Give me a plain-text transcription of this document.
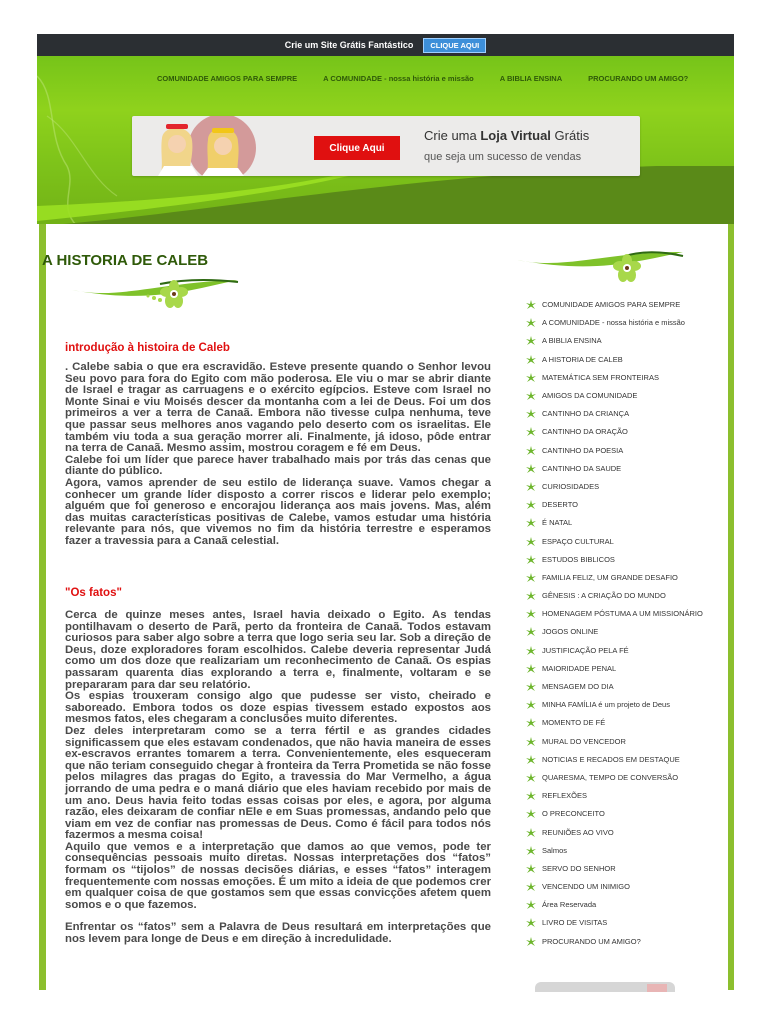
Crie um Site Grátis Fantástico	CLIQUE AQUI
COMUNIDADE AMIGOS PARA SEMPRE	A COMUNIDADE - nossa história e missão	A BIBLIA ENSINA	PROCURANDO UM AMIGO?
Clique Aqui
Crie uma Loja Virtual Grátis
que seja um sucesso de vendas
A HISTORIA DE CALEB
introdução à histoira de Caleb
. Calebe sabia o que era escravidão. Esteve presente quando o Senhor levou Seu povo para fora do Egito com mão poderosa. Ele viu o mar se abrir diante de Israel e tragar as carruagens e o exército egípcios. Esteve com Israel no Monte Sinai e viu Moisés descer da montanha com a lei de Deus. Foi um dos primeiros a ver a terra de Canaã. Embora não tivesse culpa nenhuma, teve que passar seus melhores anos vagando pelo deserto com os israelitas. Ele também viu toda a sua geração morrer ali. Finalmente, já idoso, pôde entrar na terra de Canaã. Mesmo assim, mostrou coragem e fé em Deus.
Calebe foi um líder que parece haver trabalhado mais por trás das cenas que diante do público.
Agora, vamos aprender de seu estilo de liderança suave. Vamos chegar a conhecer um grande líder disposto a correr riscos e liderar pelo exemplo; alguém que foi generoso e encorajou liderança aos mais jovens. Mas, além das muitas características positivas de Calebe, vamos estudar uma história relevante para nós, que vivemos no fim da história terrestre e esperamos fazer a travessia para a Canaã celestial.
"Os fatos"
Cerca de quinze meses antes, Israel havia deixado o Egito. As tendas pontilhavam o deserto de Parã, perto da fronteira de Canaã. Todos estavam curiosos para saber algo sobre a terra que logo seria seu lar. Sob a direção de Deus, doze exploradores foram escolhidos. Calebe deveria representar Judá como um dos doze que realizariam um reconhecimento de Canaã. Os espias passaram quarenta dias explorando a terra e, finalmente, voltaram e se prepararam para dar seu relatório.
Os espias trouxeram consigo algo que pudesse ser visto, cheirado e saboreado. Embora todos os doze espias tivessem estado expostos aos mesmos fatos, eles chegaram a conclusões muito diferentes.
Dez deles interpretaram como se a terra fértil e as grandes cidades significassem que eles estavam condenados, que não havia maneira de esses ex-escravos errantes tomarem a terra. Convenientemente, eles esqueceram que não teriam conseguido chegar à fronteira da Terra Prometida se não fosse pelos milagres das pragas do Egito, a travessia do Mar Vermelho, a água jorrando de uma pedra e o maná diário que eles haviam recebido por mais de um ano. Deus havia feito todas essas coisas por eles, e agora, por alguma razão, eles deixaram de confiar nEle e em Suas promessas, andando pelo que viam em vez de confiar nas promessas de Deus. Como é fácil para todos nós fazermos a mesma coisa!
Aquilo que vemos e a interpretação que damos ao que vemos, pode ter consequências pessoais muito diretas. Nossas interpretações dos “fatos” formam os “tijolos” de nossas decisões diárias, e esses “fatos” interagem frequentemente com nossas emoções. É um mito a ideia de que podemos crer em qualquer coisa de que gostamos sem que essas convicções afetem quem somos e o que fazemos.
Enfrentar os “fatos” sem a Palavra de Deus resultará em interpretações que nos levem para longe de Deus e em direção à incredulidade.
COMUNIDADE AMIGOS PARA SEMPRE
A COMUNIDADE - nossa história e missão
A BIBLIA ENSINA
A HISTORIA DE CALEB
MATEMÁTICA SEM FRONTEIRAS
AMIGOS DA COMUNIDADE
CANTINHO DA CRIANÇA
CANTINHO DA ORAÇÃO
CANTINHO DA POESIA
CANTINHO DA SAUDE
CURIOSIDADES
DESERTO
É NATAL
ESPAÇO CULTURAL
ESTUDOS BIBLICOS
FAMILIA FELIZ, UM GRANDE DESAFIO
GÊNESIS : A CRIAÇÃO DO MUNDO
HOMENAGEM PÓSTUMA A UM MISSIONÁRIO
JOGOS ONLINE
JUSTIFICAÇÃO PELA FÉ
MAIORIDADE PENAL
MENSAGEM DO DIA
MINHA FAMÍLIA é um projeto de Deus
MOMENTO DE FÉ
MURAL DO VENCEDOR
NOTICIAS E RECADOS EM DESTAQUE
QUARESMA, TEMPO DE CONVERSÃO
REFLEXÕES
O PRECONCEITO
REUNIÕES AO VIVO
Salmos
SERVO DO SENHOR
VENCENDO UM INIMIGO
Área Reservada
LIVRO DE VISITAS
PROCURANDO UM AMIGO?
